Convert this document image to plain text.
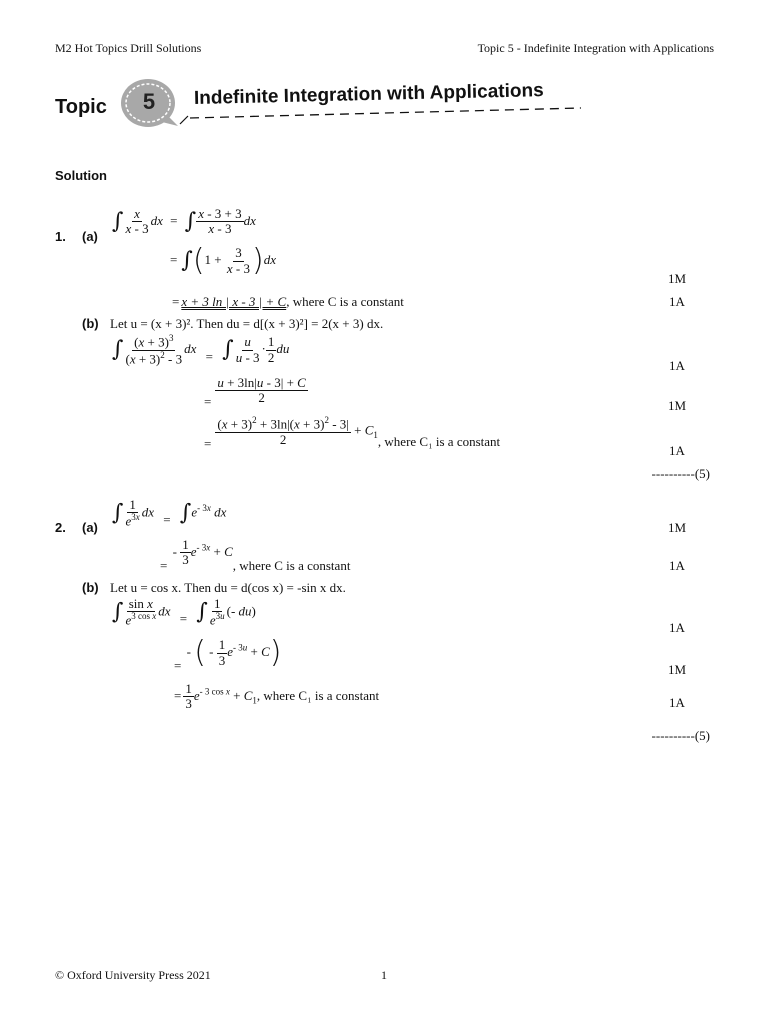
M2 Hot Topics Drill Solutions	Topic 5 - Indefinite Integration with Applications
Topic 5 Indefinite Integration with Applications
Solution
1. (a)
∫ $\frac{x}{x - 3}$ dx = ∫ $\frac{x - 3 + 3}{x - 3}$ dx
= $\int(1 + \frac{3}{x - 3} )dx$
1M
= x + 3 ln | x - 3 | + C, where C is a constant	1A
(b) Let u = (x + 3)². Then du = d[(x + 3)²] = 2(x + 3) dx.
∫ $\frac{(x + 3)^3}{(x + 3)^2 - 3}$ dx = ∫ $\frac{u}{u - 3} \cdot \frac{1}{2}$ du
1A
= $\frac{u + 3\ln|u - 3| + C}{2}$	1M
= $\frac{(x + 3)^2 + 3\ln|(x + 3)^2 - 3|}{2} + C_1$, where C₁ is a constant
1A
----------(5)
2. (a)
∫ $\frac{1}{e^{3x}}$ dx = $\int e^{- 3x}$ dx
1M
= - $\frac{1}{3} e^{- 3x} + C$, where C is a constant	1A
(b) Let u = cos x. Then du = d(cos x) = -sin x dx.
∫ $\frac{\text{sin x}}{e^{3 cos x}}$ dx = ∫ $\frac{1}{e^{3u}}$ (- du)
1A
= - ( - $\frac{1}{3} e^{- 3u} + C$)	1M
= $\frac{1}{3} e^{- 3 cos x} + C_1$, where C₁ is a constant	1A
----------(5)
© Oxford University Press 2021	1
